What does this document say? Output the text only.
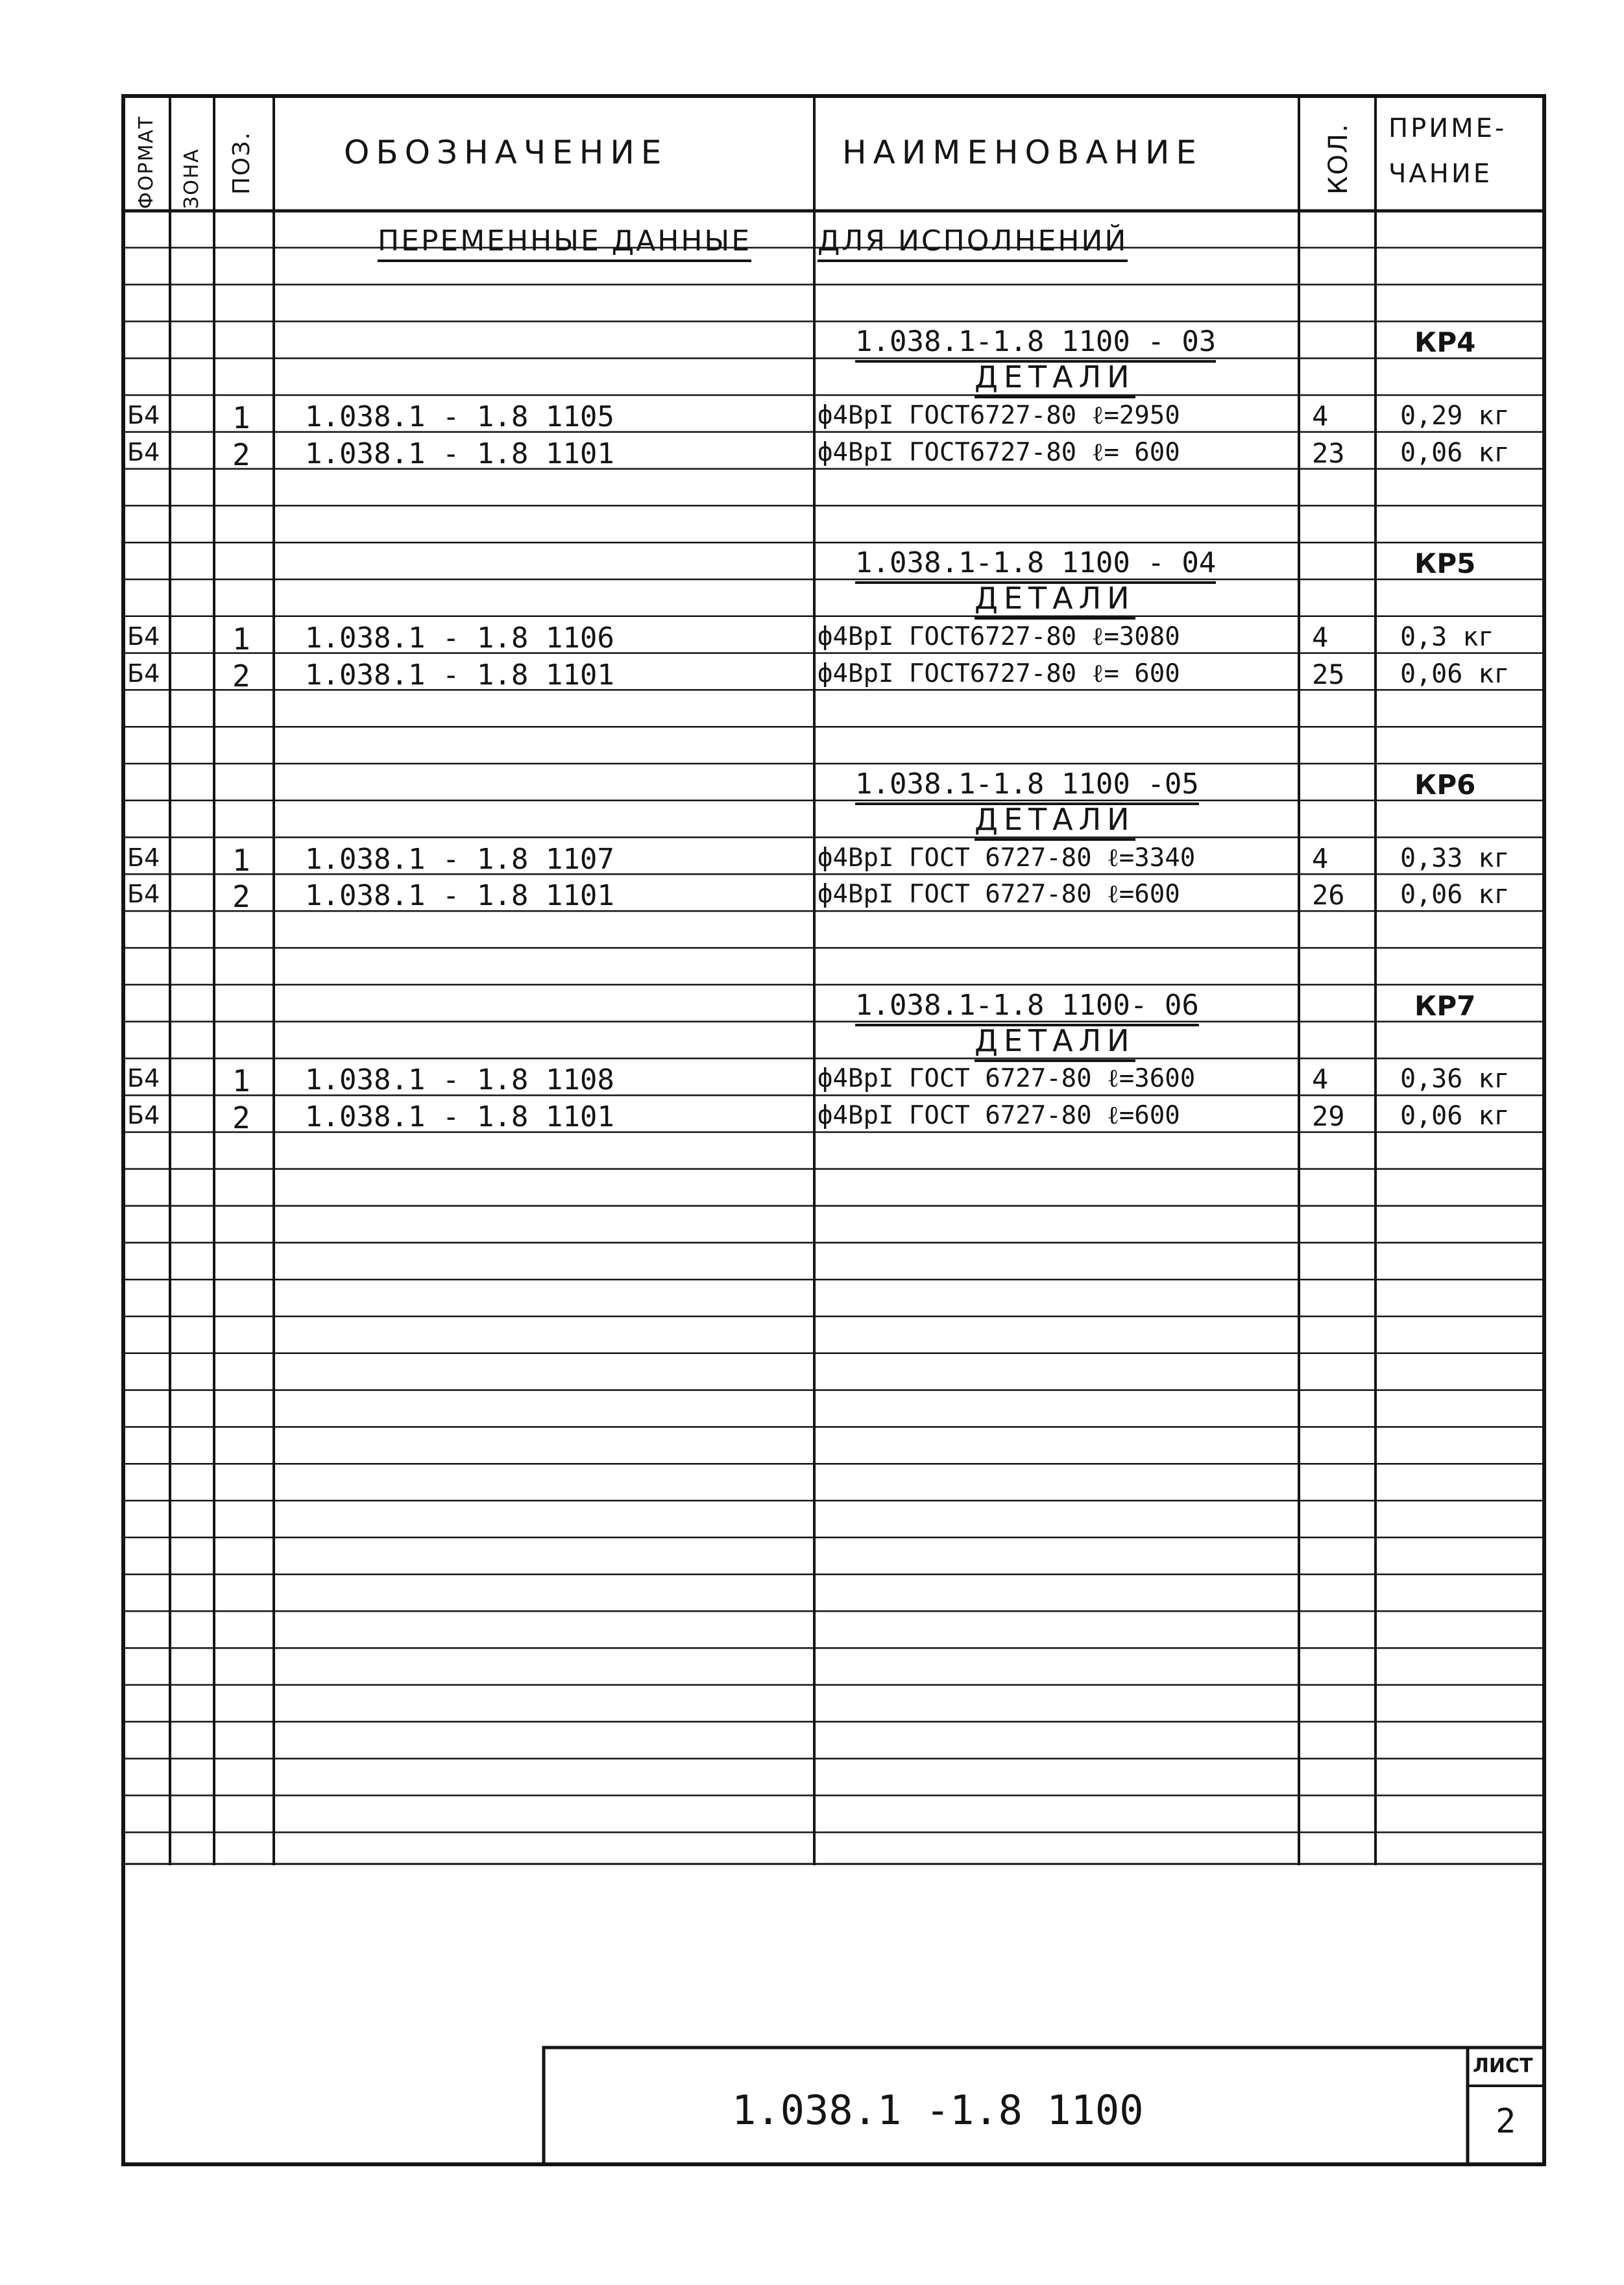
ФОРМАТ ЗОНА ПОЗ.	ОБОЗНАЧЕНИЕ	НАИМЕНОВАНИЕ	КОЛ. ПРИМЕ-
ЧАНИЕ
ПЕРЕМЕННЫЕ ДАННЫЕ ДЛЯ ИСПОЛНЕНИЙ
1.038.1-1.8 1100 - 03	КР4
ДЕТАЛИ
Б4 1 1.038.1 - 1.8 1105	ф4ВрI ГОСТ6727-80 ℓ=2950	4	0,29 кг
Б4 2 1.038.1 - 1.8 1101	ф4ВрI ГОСТ6727-80 ℓ= 600	23 0,06 кг
1.038.1-1.8 1100 - 04	КР5
ДЕТАЛИ
Б4 1 1.038.1 - 1.8 1106	ф4ВрI ГОСТ6727-80 ℓ=3080	4	0,3 кг
Б4 2 1.038.1 - 1.8 1101	ф4ВрI ГОСТ6727-80 ℓ= 600	25 0,06 кг
1.038.1-1.8 1100 -05	КР6
ДЕТАЛИ
Б4 1 1.038.1 - 1.8 1107	ф4ВрI ГОСТ 6727-80 ℓ=3340	4	0,33 кг
Б4 2 1.038.1 - 1.8 1101	ф4ВрI ГОСТ 6727-80 ℓ=600	26 0,06 кг
1.038.1-1.8 1100- 06	КР7
ДЕТАЛИ
Б4 1 1.038.1 - 1.8 1108	ф4ВрI ГОСТ 6727-80 ℓ=3600	4	0,36 кг
Б4 2 1.038.1 - 1.8 1101	ф4ВрI ГОСТ 6727-80 ℓ=600	29 0,06 кг
1.038.1 -1.8 1100
ЛИСТ
2
